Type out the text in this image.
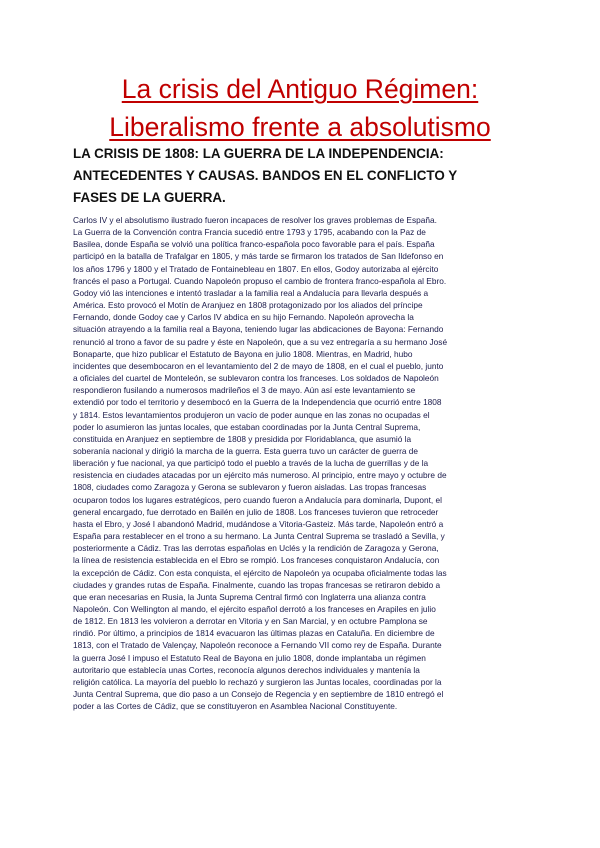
La crisis del Antiguo Régimen:
Liberalismo frente a absolutismo
LA CRISIS DE 1808: LA GUERRA DE LA INDEPENDENCIA:
ANTECEDENTES Y CAUSAS. BANDOS EN EL CONFLICTO Y
FASES DE LA GUERRA.
Carlos IV y el absolutismo ilustrado fueron incapaces de resolver los graves problemas de España.
La Guerra de la Convención contra Francia sucedió entre 1793 y 1795, acabando con la Paz de
Basilea, donde España se volvió una política franco-española poco favorable para el país. España
participó en la batalla de Trafalgar en 1805, y más tarde se firmaron los tratados de San Ildefonso en
los años 1796 y 1800 y el Tratado de Fontainebleau en 1807. En ellos, Godoy autorizaba al ejército
francés el paso a Portugal. Cuando Napoleón propuso el cambio de frontera franco-española al Ebro.
Godoy vió las intenciones e intentó trasladar a la familia real a Andalucía para llevarla después a
América. Esto provocó el Motín de Aranjuez en 1808 protagonizado por los aliados del príncipe
Fernando, donde Godoy cae y Carlos IV abdica en su hijo Fernando. Napoleón aprovecha la
situación atrayendo a la familia real a Bayona, teniendo lugar las abdicaciones de Bayona: Fernando
renunció al trono a favor de su padre y éste en Napoleón, que a su vez entregaría a su hermano José
Bonaparte, que hizo publicar el Estatuto de Bayona en julio 1808. Mientras, en Madrid, hubo
incidentes que desembocaron en el levantamiento del 2 de mayo de 1808, en el cual el pueblo, junto
a oficiales del cuartel de Monteleón, se sublevaron contra los franceses. Los soldados de Napoleón
respondieron fusilando a numerosos madrileños el 3 de mayo. Aún así este levantamiento se
extendió por todo el territorio y desembocó en la Guerra de la Independencia que ocurrió entre 1808
y 1814. Estos levantamientos produjeron un vacío de poder aunque en las zonas no ocupadas el
poder lo asumieron las juntas locales, que estaban coordinadas por la Junta Central Suprema,
constituida en Aranjuez en septiembre de 1808 y presidida por Floridablanca, que asumió la
soberanía nacional y dirigió la marcha de la guerra. Esta guerra tuvo un carácter de guerra de
liberación y fue nacional, ya que participó todo el pueblo a través de la lucha de guerrillas y de la
resistencia en ciudades atacadas por un ejército más numeroso. Al principio, entre mayo y octubre de
1808, ciudades como Zaragoza y Gerona se sublevaron y fueron aisladas. Las tropas francesas
ocuparon todos los lugares estratégicos, pero cuando fueron a Andalucía para dominarla, Dupont, el
general encargado, fue derrotado en Bailén en julio de 1808. Los franceses tuvieron que retroceder
hasta el Ebro, y José I abandonó Madrid, mudándose a Vitoria-Gasteiz. Más tarde, Napoleón entró a
España para restablecer en el trono a su hermano. La Junta Central Suprema se trasladó a Sevilla, y
posteriormente a Cádiz. Tras las derrotas españolas en Uclés y la rendición de Zaragoza y Gerona,
la línea de resistencia establecida en el Ebro se rompió. Los franceses conquistaron Andalucía, con
la excepción de Cádiz. Con esta conquista, el ejército de Napoleón ya ocupaba oficialmente todas las
ciudades y grandes rutas de España. Finalmente, cuando las tropas francesas se retiraron debido a
que eran necesarias en Rusia, la Junta Suprema Central firmó con Inglaterra una alianza contra
Napoleón. Con Wellington al mando, el ejército español derrotó a los franceses en Arapiles en julio
de 1812. En 1813 les volvieron a derrotar en Vitoria y en San Marcial, y en octubre Pamplona se
rindió. Por último, a principios de 1814 evacuaron las últimas plazas en Cataluña. En diciembre de
1813, con el Tratado de Valençay, Napoleón reconoce a Fernando VII como rey de España. Durante
la guerra José I impuso el Estatuto Real de Bayona en julio 1808, donde implantaba un régimen
autoritario que establecía unas Cortes, reconocía algunos derechos individuales y mantenía la
religión católica. La mayoría del pueblo lo rechazó y surgieron las Juntas locales, coordinadas por la
Junta Central Suprema, que dio paso a un Consejo de Regencia y en septiembre de 1810 entregó el
poder a las Cortes de Cádiz, que se constituyeron en Asamblea Nacional Constituyente.
